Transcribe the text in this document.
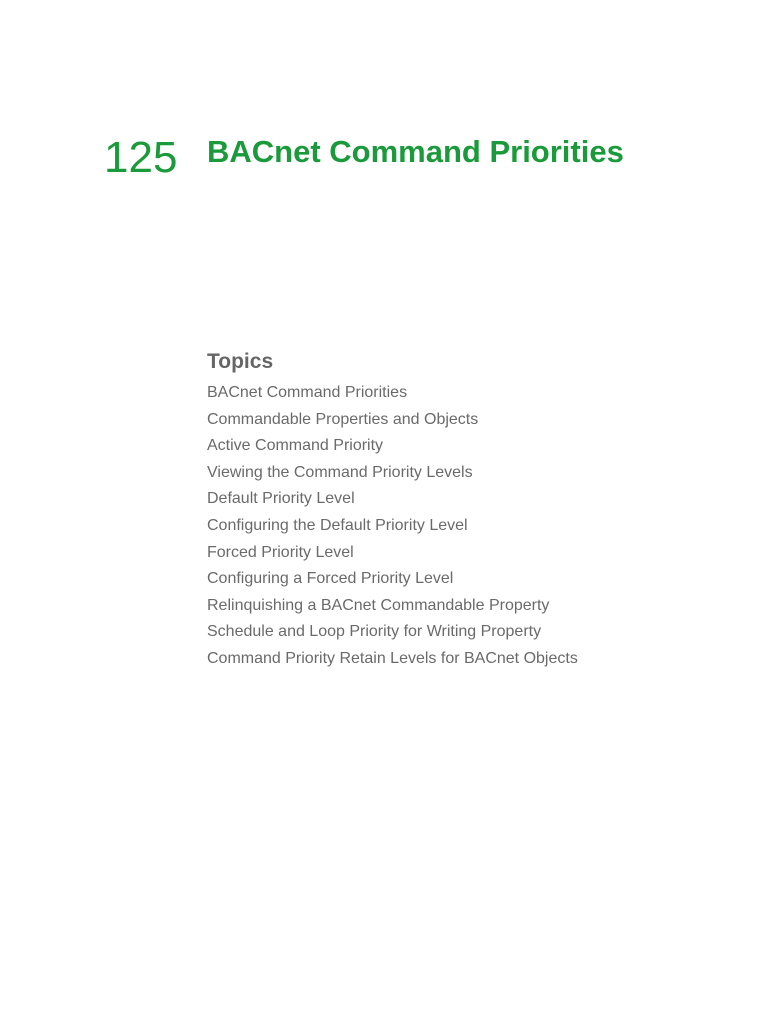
125 BACnet Command Priorities
Topics
BACnet Command Priorities
Commandable Properties and Objects
Active Command Priority
Viewing the Command Priority Levels
Default Priority Level
Configuring the Default Priority Level
Forced Priority Level
Configuring a Forced Priority Level
Relinquishing a BACnet Commandable Property
Schedule and Loop Priority for Writing Property
Command Priority Retain Levels for BACnet Objects
